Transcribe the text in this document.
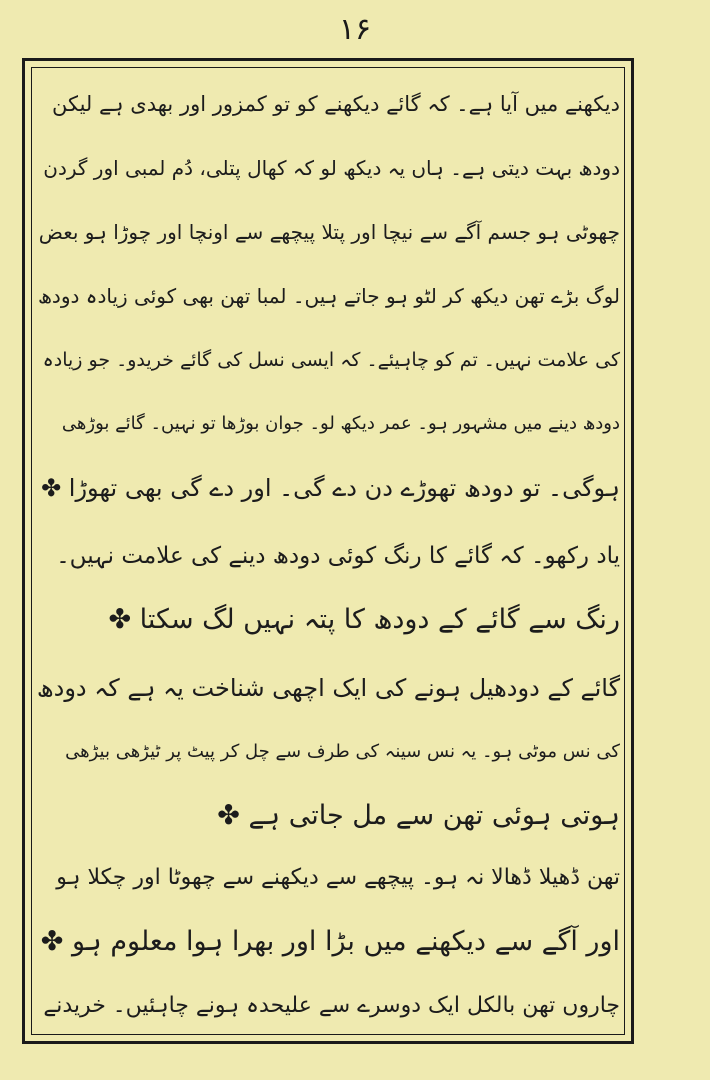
۱۶
دیکھنے میں آیا ہے۔ کہ گائے دیکھنے کو تو کمزور اور بھدی ہے لیکن
دودھ بہت دیتی ہے۔ ہاں یہ دیکھ لو کہ کھال پتلی، دُم لمبی اور گردن
چھوٹی ہو جسم آگے سے نیچا اور پتلا پیچھے سے اونچا اور چوڑا ہو بعض
لوگ بڑے تھن دیکھ کر لٹو ہو جاتے ہیں۔ لمبا تھن بھی کوئی زیادہ دودھ
کی علامت نہیں۔ تم کو چاہیئے۔ کہ ایسی نسل کی گائے خریدو۔ جو زیادہ
دودھ دینے میں مشہور ہو۔ عمر دیکھ لو۔ جوان بوڑھا تو نہیں۔ گائے بوڑھی
ہوگی۔ تو دودھ تھوڑے دن دے گی۔ اور دے گی بھی تھوڑا ✤
یاد رکھو۔ کہ گائے کا رنگ کوئی دودھ دینے کی علامت نہیں۔
رنگ سے گائے کے دودھ کا پتہ نہیں لگ سکتا ✤
گائے کے دودھیل ہونے کی ایک اچھی شناخت یہ ہے کہ دودھ
کی نس موٹی ہو۔ یہ نس سینہ کی طرف سے چل کر پیٹ پر ٹیڑھی بیڑھی
ہوتی ہوئی تھن سے مل جاتی ہے ✤
تھن ڈھیلا ڈھالا نہ ہو۔ پیچھے سے دیکھنے سے چھوٹا اور چکلا ہو
اور آگے سے دیکھنے میں بڑا اور بھرا ہوا معلوم ہو ✤
چاروں تھن بالکل ایک دوسرے سے علیحدہ ہونے چاہئیں۔ خریدنے
